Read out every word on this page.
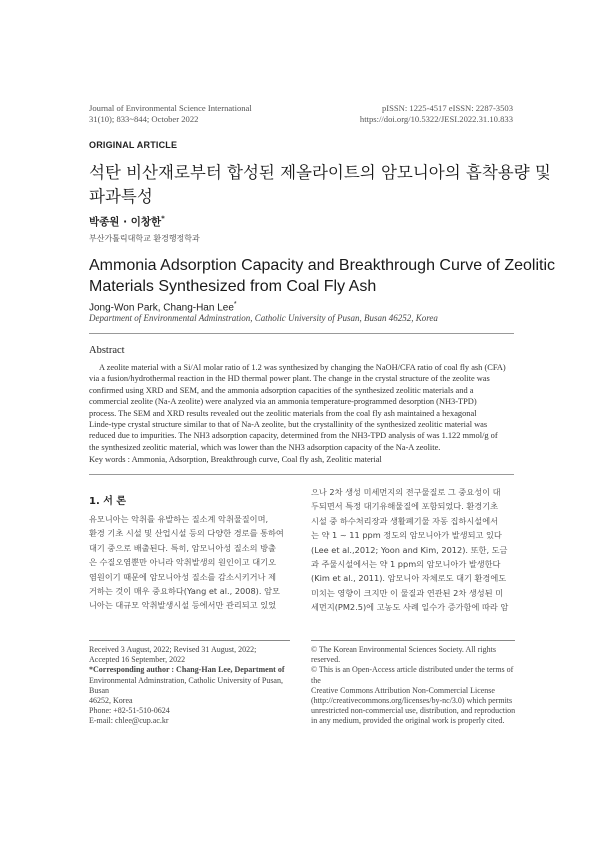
Journal of Environmental Science International
31(10); 833~844; October 2022
pISSN: 1225-4517 eISSN: 2287-3503
https://doi.org/10.5322/JESI.2022.31.10.833
ORIGINAL ARTICLE
석탄 비산재로부터 합성된 제올라이트의 암모니아의 흡착용량 및
파과특성
박종원 · 이창한*
부산가톨릭대학교 환경행정학과
Ammonia Adsorption Capacity and Breakthrough Curve of Zeolitic
Materials Synthesized from Coal Fly Ash
Jong-Won Park, Chang-Han Lee*
Department of Environmental Adminstration, Catholic University of Pusan, Busan 46252, Korea
Abstract
A zeolite material with a Si/Al molar ratio of 1.2 was synthesized by changing the NaOH/CFA ratio of coal fly ash (CFA)
via a fusion/hydrothermal reaction in the HD thermal power plant. The change in the crystal structure of the zeolite was
confirmed using XRD and SEM, and the ammonia adsorption capacities of the synthesized zeolitic materials and a
commercial zeolite (Na-A zeolite) were analyzed via an ammonia temperature-programmed desorption (NH3-TPD)
process. The SEM and XRD results revealed out the zeolitic materials from the coal fly ash maintained a hexagonal
Linde-type crystal structure similar to that of Na-A zeolite, but the crystallinity of the synthesized zeolitic material was
reduced due to impurities. The NH3 adsorption capacity, determined from the NH3-TPD analysis of was 1.122 mmol/g of
the synthesized zeolitic material, which was lower than the NH3 adsorption capacity of the Na-A zeolite.
Key words : Ammonia, Adsorption, Breakthrough curve, Coal fly ash, Zeolitic material
1. 서 론
유모니아는 악취를 유발하는 질소계 악취물질이며,
환경 기초 시설 및 산업시설 등의 다양한 경로를 통하여
대기 중으로 배출된다. 특히, 암모니아성 질소의 방출
은 수질오염뿐만 아니라 악취발생의 원인이고 대기오
염원이기 때문에 암모니아성 질소를 감소시키거나 제
거하는 것이 매우 중요하다(Yang et al., 2008). 암모
니아는 대규모 악취발생시설 등에서만 관리되고 있었
으나 2차 생성 미세먼지의 전구물질로 그 중요성이 대
두되면서 특정 대기유해물질에 포함되었다. 환경기초
시설 중 하수처리장과 생활폐기물 자동 집하시설에서
는 약 1 ~ 11 ppm 정도의 암모니아가 발생되고 있다
(Lee et al.,2012; Yoon and Kim, 2012). 또한, 도금
과 주물시설에서는 약 1 ppm의 암모니아가 발생한다
(Kim et al., 2011). 암모니아 자체로도 대기 환경에도
미치는 영향이 크지만 이 물질과 연관된 2차 생성된 미
세먼지(PM2.5)에 고농도 사례 일수가 증가함에 따라 암
Received 3 August, 2022; Revised 31 August, 2022;
Accepted 16 September, 2022
*Corresponding author : Chang-Han Lee, Department of
Environmental Adminstration, Catholic University of Pusan, Busan
46252, Korea
Phone: +82-51-510-0624
E-mail: chlee@cup.ac.kr
© The Korean Environmental Sciences Society. All rights reserved.
© This is an Open-Access article distributed under the terms of the
Creative Commons Attribution Non-Commercial License
(http://creativecommons.org/licenses/by-nc/3.0) which permits
unrestricted non-commercial use, distribution, and reproduction
in any medium, provided the original work is properly cited.
